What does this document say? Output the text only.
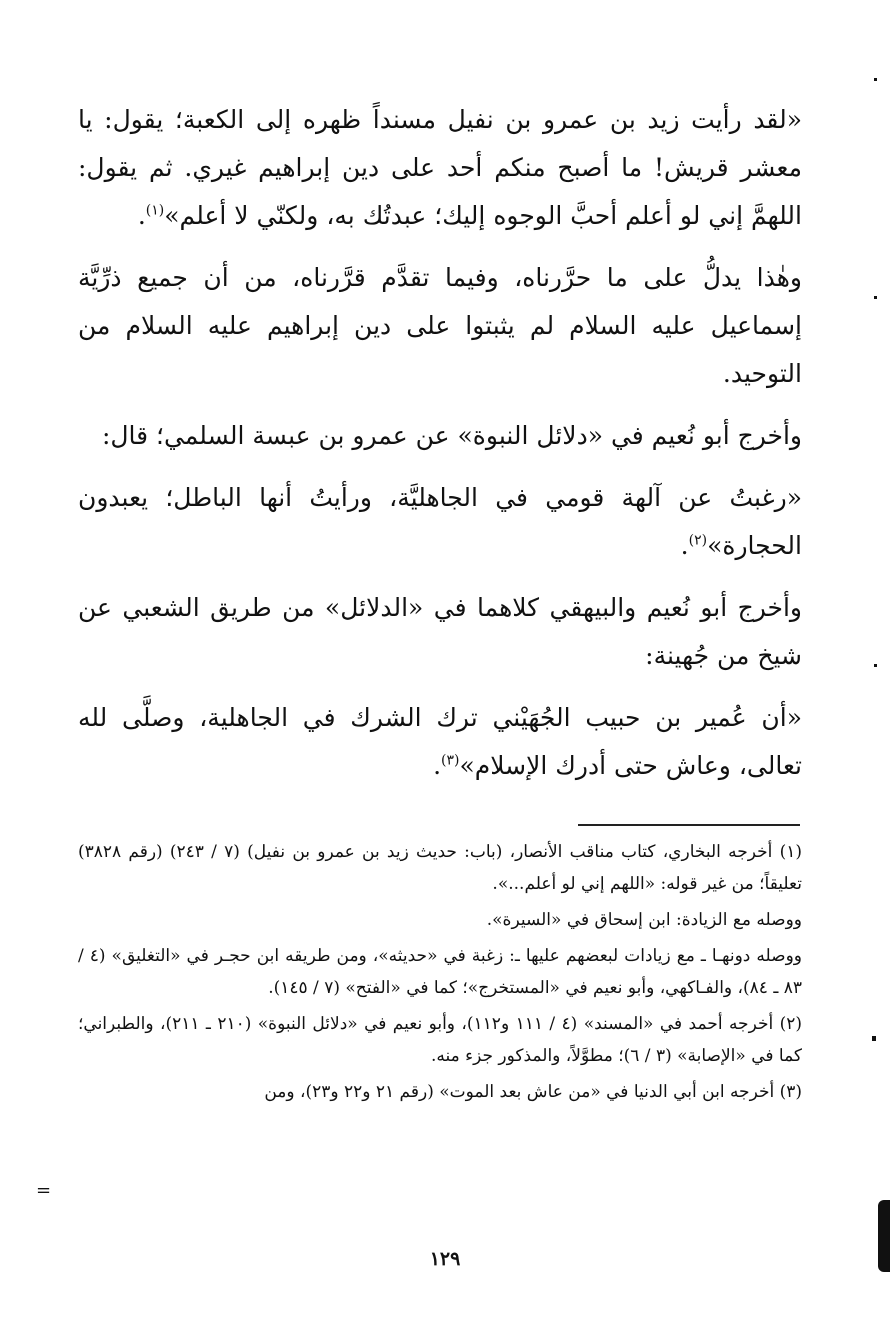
«لقد رأيت زيد بن عمرو بن نفيل مسنداً ظهره إلى الكعبة؛ يقول: يا معشر قريش! ما أصبح منكم أحد على دين إبراهيم غيري. ثم يقول: اللهمَّ إني لو أعلم أحبَّ الوجوه إليك؛ عبدتُك به، ولكنّي لا أعلم»$^{(١)}$.

وهٰذا يدلُّ على ما حرَّرناه، وفيما تقدَّم قرَّرناه، من أن جميع ذرِّيَّة إسماعيل عليه السلام لم يثبتوا على دين إبراهيم عليه السلام من التوحيد.

وأخرج أبو نُعيم في «دلائل النبوة» عن عمرو بن عبسة السلمي؛ قال:

«رغبتُ عن آلهة قومي في الجاهليَّة، ورأيتُ أنها الباطل؛ يعبدون الحجارة»$^{(٢)}$.

وأخرج أبو نُعيم والبيهقي كلاهما في «الدلائل» من طريق الشعبي عن شيخ من جُهينة:

«أن عُمير بن حبيب الجُهَيْني ترك الشرك في الجاهلية، وصلَّى لله تعالى، وعاش حتى أدرك الإسلام»$^{(٣)}$.

(١) أخرجه البخاري، كتاب مناقب الأنصار، (باب: حديث زيد بن عمرو بن نفيل) (٧ / ٢٤٣) (رقم ٣٨٢٨) تعليقاً؛ من غير قوله: «اللهم إني لو أعلم...».

ووصله مع الزيادة: ابن إسحاق في «السيرة».

ووصله دونهـا ـ مع زيادات لبعضهم عليها ـ: زغبة في «حديثه»، ومن طريقه ابن حجـر في «التغليق» (٤ / ٨٣ ـ ٨٤)، والفـاكهي، وأبو نعيم في «المستخرج»؛ كما في «الفتح» (٧ / ١٤٥).

(٢) أخرجه أحمد في «المسند» (٤ / ١١١ و١١٢)، وأبو نعيم في «دلائل النبوة» (٢١٠ ـ ٢١١)، والطبراني؛ كما في «الإصابة» (٣ / ٦)؛ مطوَّلاً، والمذكور جزء منه.

(٣) أخرجه ابن أبي الدنيا في «من عاش بعد الموت» (رقم ٢١ و٢٢ و٢٣)، ومن

=
١٢٩
